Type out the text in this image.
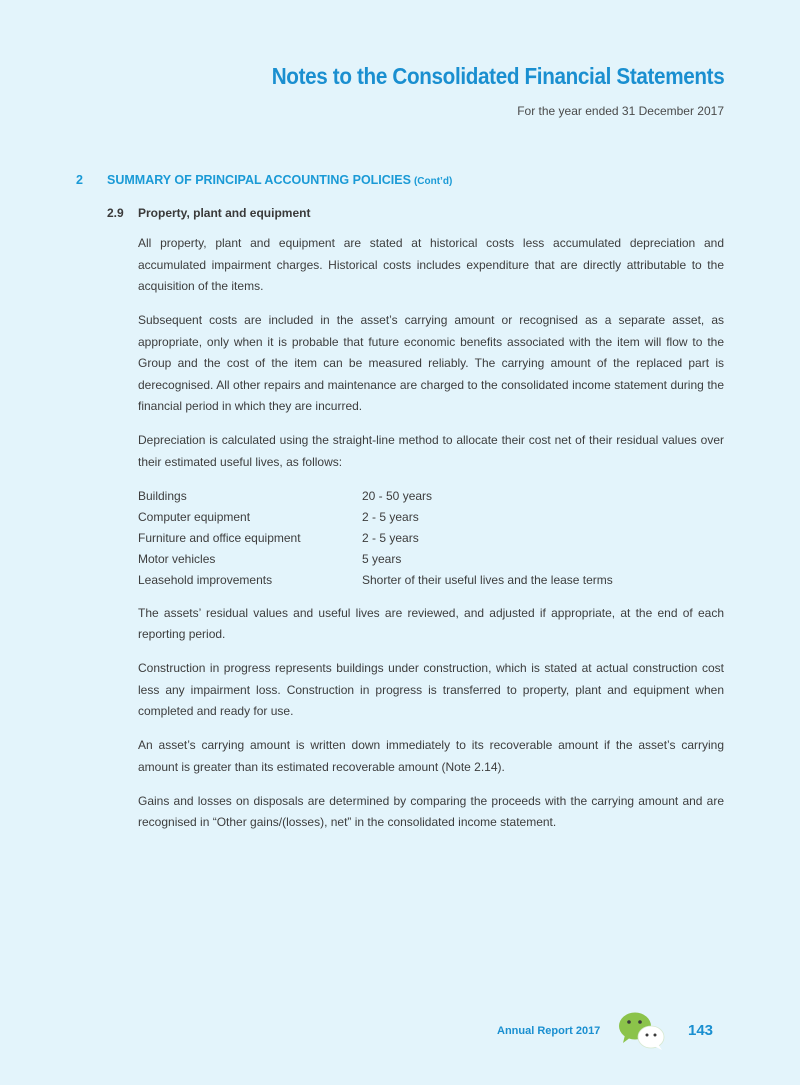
Notes to the Consolidated Financial Statements
For the year ended 31 December 2017
2 SUMMARY OF PRINCIPAL ACCOUNTING POLICIES (Cont’d)
2.9 Property, plant and equipment

All property, plant and equipment are stated at historical costs less accumulated depreciation and accumulated impairment charges. Historical costs includes expenditure that are directly attributable to the acquisition of the items.

Subsequent costs are included in the asset’s carrying amount or recognised as a separate asset, as appropriate, only when it is probable that future economic benefits associated with the item will flow to the Group and the cost of the item can be measured reliably. The carrying amount of the replaced part is derecognised. All other repairs and maintenance are charged to the consolidated income statement during the financial period in which they are incurred.

Depreciation is calculated using the straight-line method to allocate their cost net of their residual values over their estimated useful lives, as follows:

Buildings	20 - 50 years
Computer equipment	2 - 5 years
Furniture and office equipment	2 - 5 years
Motor vehicles	5 years
Leasehold improvements	Shorter of their useful lives and the lease terms

The assets’ residual values and useful lives are reviewed, and adjusted if appropriate, at the end of each reporting period.

Construction in progress represents buildings under construction, which is stated at actual construction cost less any impairment loss. Construction in progress is transferred to property, plant and equipment when completed and ready for use.

An asset’s carrying amount is written down immediately to its recoverable amount if the asset’s carrying amount is greater than its estimated recoverable amount (Note 2.14).

Gains and losses on disposals are determined by comparing the proceeds with the carrying amount and are recognised in “Other gains/(losses), net” in the consolidated income statement.

Annual Report 2017	143
